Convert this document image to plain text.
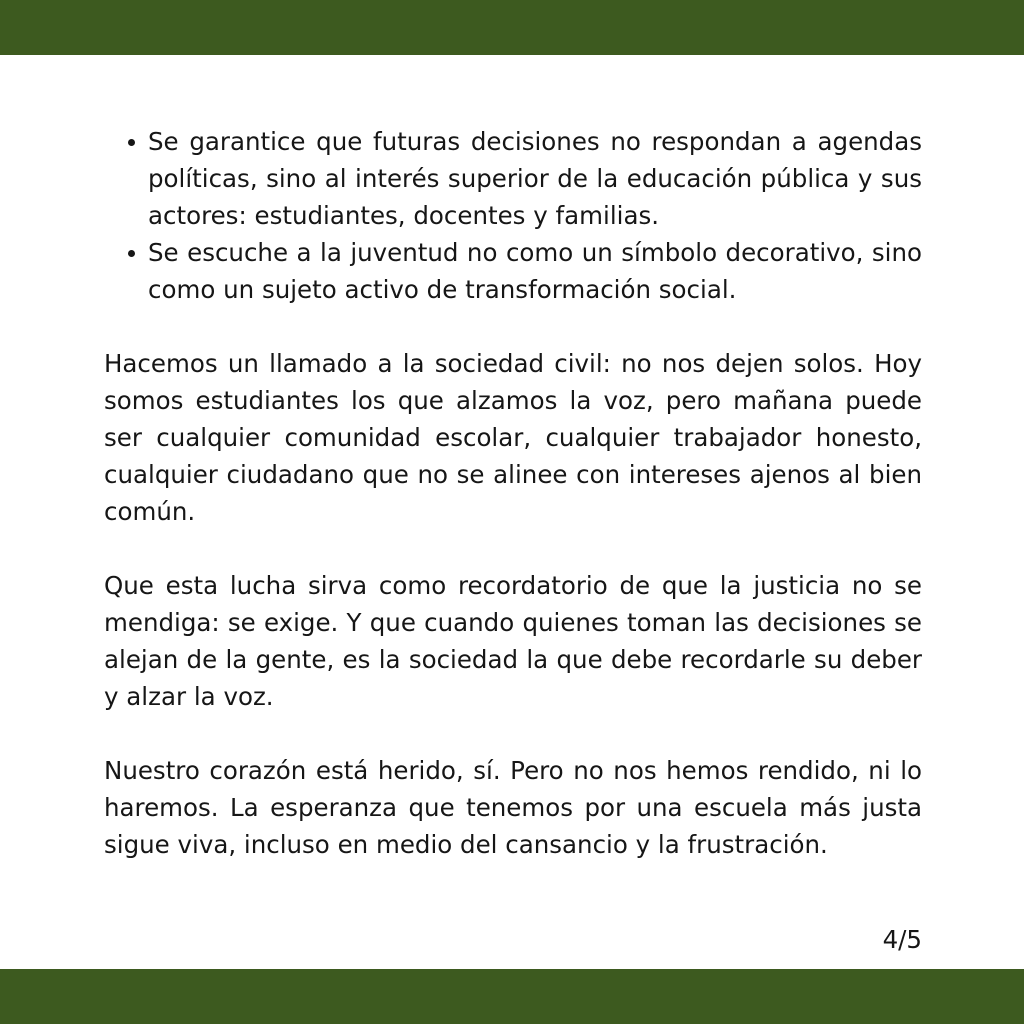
Se garantice que futuras decisiones no respondan a agendas políticas, sino al interés superior de la educación pública y sus actores: estudiantes, docentes y familias.
Se escuche a la juventud no como un símbolo decorativo, sino como un sujeto activo de transformación social.

Hacemos un llamado a la sociedad civil: no nos dejen solos. Hoy somos estudiantes los que alzamos la voz, pero mañana puede ser cualquier comunidad escolar, cualquier trabajador honesto, cualquier ciudadano que no se alinee con intereses ajenos al bien común.

Que esta lucha sirva como recordatorio de que la justicia no se mendiga: se exige. Y que cuando quienes toman las decisiones se alejan de la gente, es la sociedad la que debe recordarle su deber y alzar la voz.

Nuestro corazón está herido, sí. Pero no nos hemos rendido, ni lo haremos. La esperanza que tenemos por una escuela más justa sigue viva, incluso en medio del cansancio y la frustración.

4/5
